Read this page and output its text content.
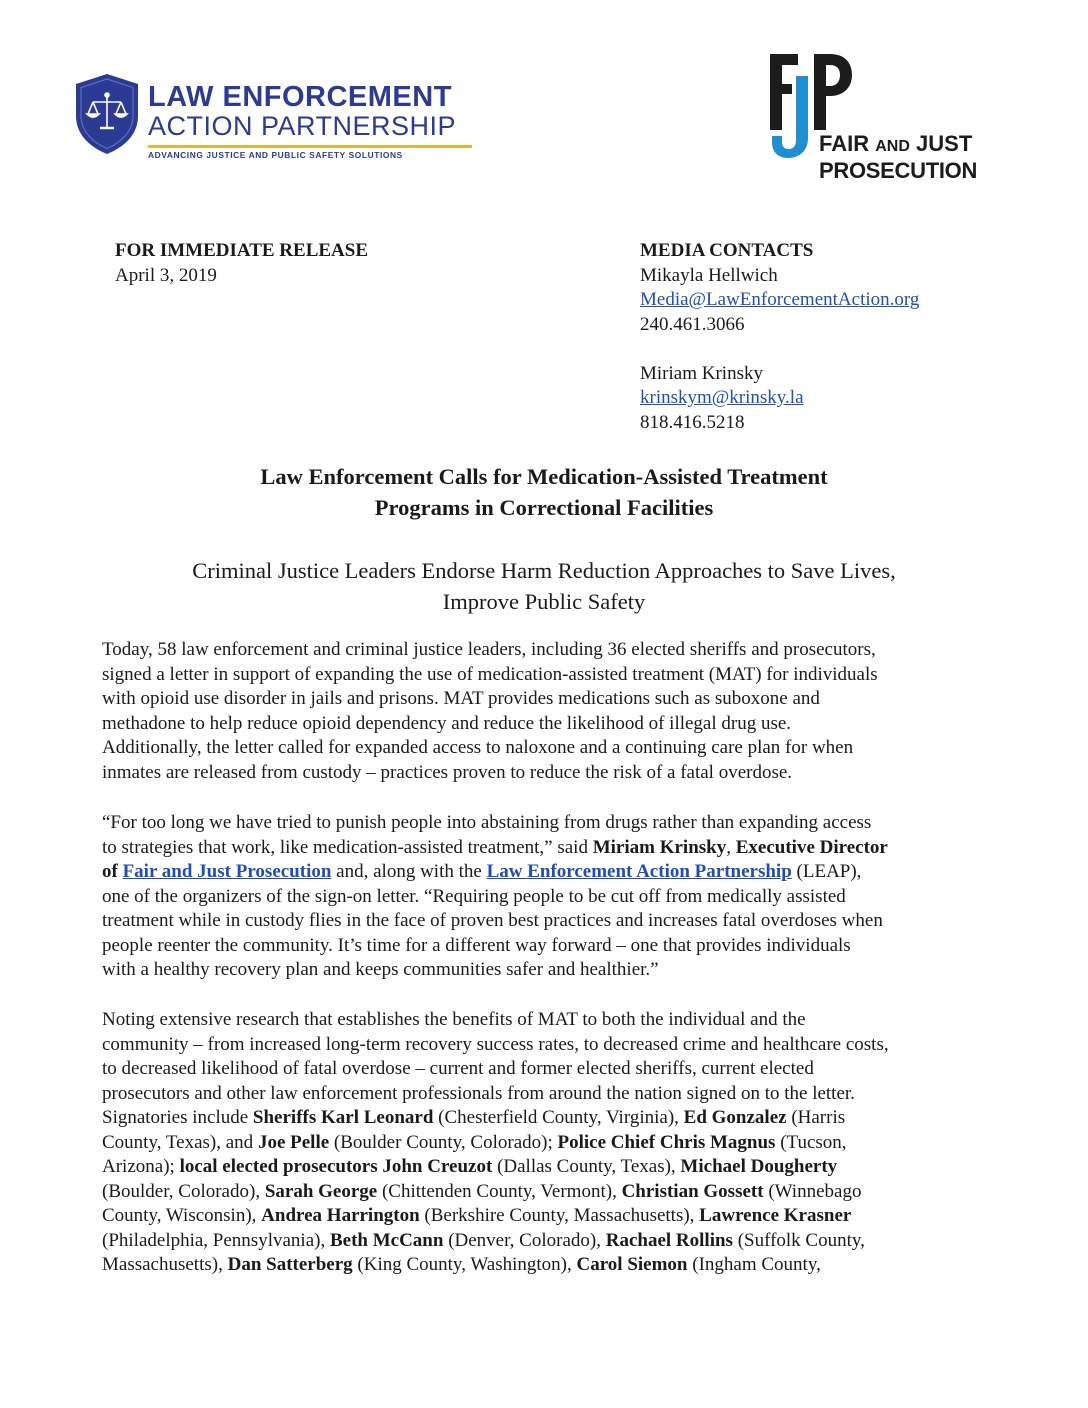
LAW ENFORCEMENT
ACTION PARTNERSHIP
ADVANCING JUSTICE AND PUBLIC SAFETY SOLUTIONS	FAIR AND JUST
PROSECUTION
FOR IMMEDIATE RELEASE
April 3, 2019
MEDIA CONTACTS
Mikayla Hellwich
Media@LawEnforcementAction.org
240.461.3066
Miriam Krinsky
krinskym@krinsky.la
818.416.5218
Law Enforcement Calls for Medication-Assisted Treatment
Programs in Correctional Facilities
Criminal Justice Leaders Endorse Harm Reduction Approaches to Save Lives,
Improve Public Safety
Today, 58 law enforcement and criminal justice leaders, including 36 elected sheriffs and prosecutors,
signed a letter in support of expanding the use of medication-assisted treatment (MAT) for individuals
with opioid use disorder in jails and prisons. MAT provides medications such as suboxone and
methadone to help reduce opioid dependency and reduce the likelihood of illegal drug use.
Additionally, the letter called for expanded access to naloxone and a continuing care plan for when
inmates are released from custody – practices proven to reduce the risk of a fatal overdose.
“For too long we have tried to punish people into abstaining from drugs rather than expanding access
to strategies that work, like medication-assisted treatment,” said Miriam Krinsky, Executive Director
of Fair and Just Prosecution and, along with the Law Enforcement Action Partnership (LEAP),
one of the organizers of the sign-on letter. “Requiring people to be cut off from medically assisted
treatment while in custody flies in the face of proven best practices and increases fatal overdoses when
people reenter the community. It’s time for a different way forward – one that provides individuals
with a healthy recovery plan and keeps communities safer and healthier.”
Noting extensive research that establishes the benefits of MAT to both the individual and the
community – from increased long-term recovery success rates, to decreased crime and healthcare costs,
to decreased likelihood of fatal overdose – current and former elected sheriffs, current elected
prosecutors and other law enforcement professionals from around the nation signed on to the letter.
Signatories include Sheriffs Karl Leonard (Chesterfield County, Virginia), Ed Gonzalez (Harris
County, Texas), and Joe Pelle (Boulder County, Colorado); Police Chief Chris Magnus (Tucson,
Arizona); local elected prosecutors John Creuzot (Dallas County, Texas), Michael Dougherty
(Boulder, Colorado), Sarah George (Chittenden County, Vermont), Christian Gossett (Winnebago
County, Wisconsin), Andrea Harrington (Berkshire County, Massachusetts), Lawrence Krasner
(Philadelphia, Pennsylvania), Beth McCann (Denver, Colorado), Rachael Rollins (Suffolk County,
Massachusetts), Dan Satterberg (King County, Washington), Carol Siemon (Ingham County,
